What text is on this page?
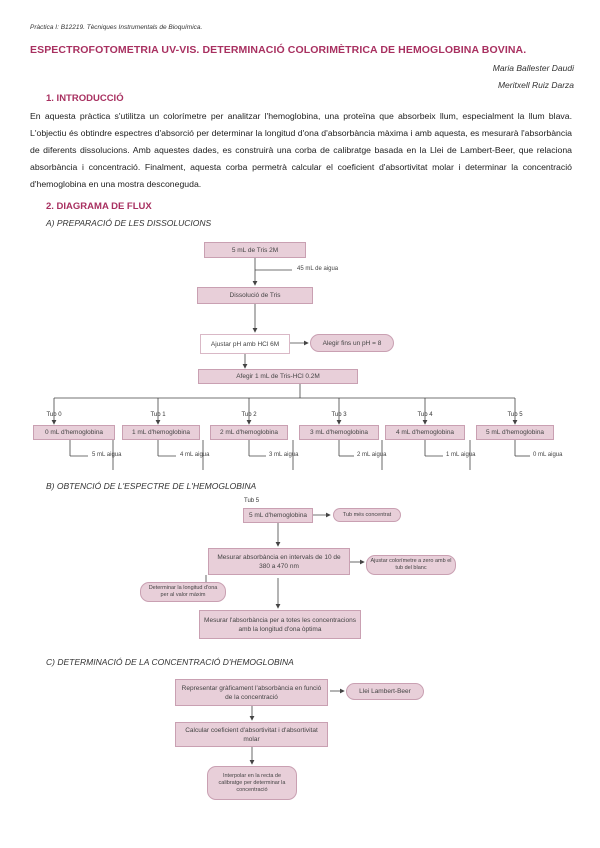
Pràctica I: B12219. Tècniques Instrumentals de Bioquímica.
ESPECTROFOTOMETRIA UV-VIS. DETERMINACIÓ COLORIMÈTRICA DE HEMOGLOBINA BOVINA.
Maria Ballester Daudi
Meritxell Ruiz Darza
1. INTRODUCCIÓ
En aquesta pràctica s'utilitza un colorímetre per analitzar l'hemoglobina, una proteïna que absorbeix llum, especialment la llum blava. L'objectiu és obtindre espectres d'absorció per determinar la longitud d'ona d'absorbància màxima i amb aquesta, es mesurarà l'absorbància de diferents dissolucions. Amb aquestes dades, es construirà una corba de calibratge basada en la Llei de Lambert-Beer, que relaciona absorbància i concentració. Finalment, aquesta corba permetrà calcular el coeficient d'absortivitat molar i determinar la concentració d'hemoglobina en una mostra desconeguda.
2. DIAGRAMA DE FLUX
A) PREPARACIÓ DE LES DISSOLUCIONS
5 mL de Tris 2M
45 mL de aigua
Dissolució de Tris
Ajustar pH amb HCl 6M	Alegir fins un pH = 8
Afegir 1 mL de Tris-HCl 0.2M
Tub 0	Tub 1	Tub 2	Tub 3	Tub 4	Tub 5
0 mL d'hemoglobina	1 mL d'hemoglobina	2 mL d'hemoglobina	3 mL d'hemoglobina	4 mL d'hemoglobina	5 mL d'hemoglobina
5 mL aigua	4 mL aigua	3 mL aigua	2 mL aigua	1 mL aigua	0 mL aigua
B) OBTENCIÓ DE L'ESPECTRE DE L'HEMOGLOBINA
Tub 5
5 mL d'hemoglobina	Tub més concentrat
Mesurar absorbància en intervals de 10 de 380 a 470 nm
Ajustar colorímetre a zero amb el tub del blanc
Determinar la longitud d'ona per al valor màxim
Mesurar l'absorbància per a totes les concentracions amb la longitud d'ona òptima
C) DETERMINACIÓ DE LA CONCENTRACIÓ D'HEMOGLOBINA
Representar gràficament l'absorbància en funció de la concentració
Llei Lambert-Beer
Calcular coeficient d'absortivitat i d'absortivitat molar
Interpolar en la recta de calibratge per determinar la concentració
